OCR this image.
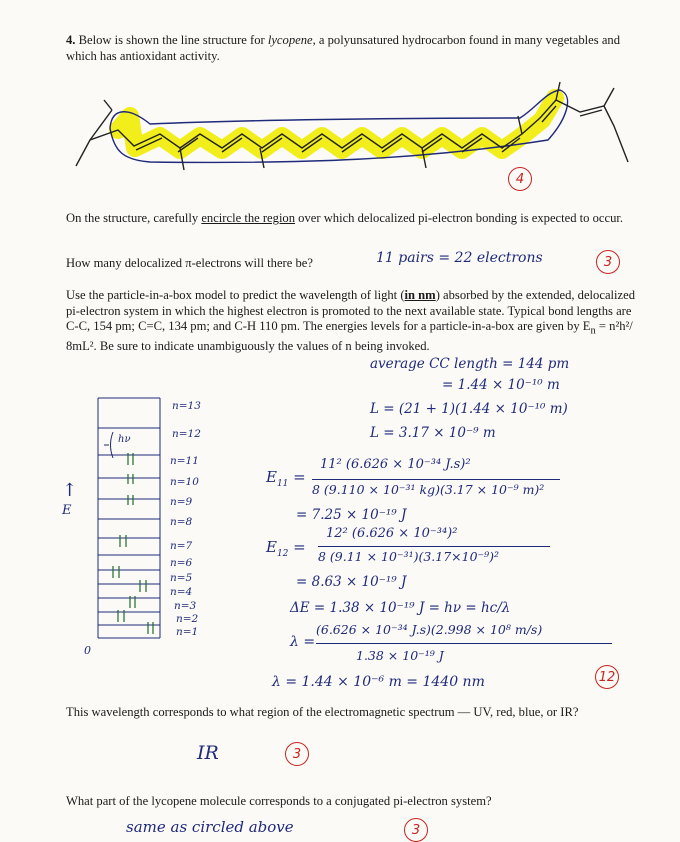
4. Below is shown the line structure for lycopene, a polyunsatured hydrocarbon found in many vegetables and which has antioxidant activity.
4
On the structure, carefully encircle the region over which delocalized pi-electron bonding is expected to occur.
How many delocalized π-electrons will there be?	11 pairs = 22 electrons	3
Use the particle-in-a-box model to predict the wavelength of light (in nm) absorbed by the extended, delocalized pi-electron system in which the highest electron is promoted to the next available state. Typical bond lengths are C-C, 154 pm; C=C, 134 pm; and C-H 110 pm. The energies levels for a particle-in-a-box are given by $E_n = n^2h^2/$ 8mL². Be sure to indicate unambiguously the values of n being invoked.
↑
E
0
hν
n=13
n=12
n=11
n=10
n=9
n=8
n=7
n=6
n=5
n=4
n=3
n=2
n=1
average CC length = 144 pm
= 1.44 × 10⁻¹⁰ m
L = (21 + 1)(1.44 × 10⁻¹⁰ m)
L = 3.17 × 10⁻⁹ m
$E_{11}$ =
11² (6.626 × 10⁻³⁴ J.s)²
8 (9.110 × 10⁻³¹ kg)(3.17 × 10⁻⁹ m)²
= 7.25 × 10⁻¹⁹ J
$E_{12}$ =
12² (6.626 × 10⁻³⁴)²
8 (9.11 × 10⁻³¹)(3.17×10⁻⁹)²
= 8.63 × 10⁻¹⁹ J
ΔE = 1.38 × 10⁻¹⁹ J = hν = hc/λ
λ =
(6.626 × 10⁻³⁴ J.s)(2.998 × 10⁸ m/s)
1.38 × 10⁻¹⁹ J
λ = 1.44 × 10⁻⁶ m = 1440 nm	12
This wavelength corresponds to what region of the electromagnetic spectrum — UV, red, blue, or IR?
IR	3
What part of the lycopene molecule corresponds to a conjugated pi-electron system?
same as circled above	3
